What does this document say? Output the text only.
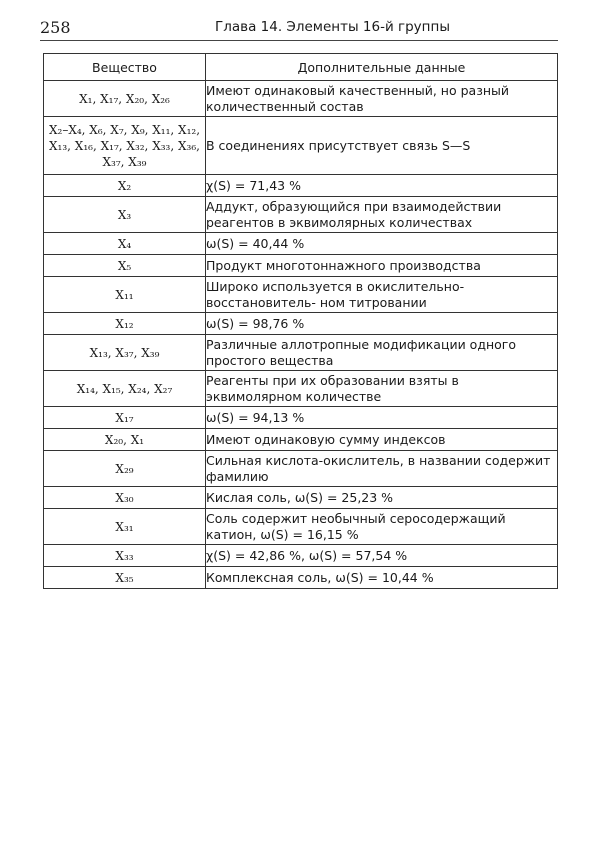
258	Глава 14. Элементы 16-й группы
Вещество	Дополнительные данные
X₁, X₁₇, X₂₀, X₂₆	Имеют одинаковый качественный, но разный количественный состав
X₂–X₄, X₆, X₇, X₉, X₁₁, X₁₂, X₁₃, X₁₆, X₁₇, X₃₂, X₃₃, X₃₆, X₃₇, X₃₉	В соединениях присутствует связь S—S
X₂	χ(S) = 71,43 %
X₃	Аддукт, образующийся при взаимодействии реагентов в эквимолярных количествах
X₄	ω(S) = 40,44 %
X₅	Продукт многотоннажного производства
X₁₁	Широко используется в окислительно-восстановитель- ном титровании
X₁₂	ω(S) = 98,76 %
X₁₃, X₃₇, X₃₉	Различные аллотропные модификации одного простого вещества
X₁₄, X₁₅, X₂₄, X₂₇	Реагенты при их образовании взяты в эквимолярном количестве
X₁₇	ω(S) = 94,13 %
X₂₀, X₁	Имеют одинаковую сумму индексов
X₂₉	Сильная кислота-окислитель, в названии содержит фамилию
X₃₀	Кислая соль, ω(S) = 25,23 %
X₃₁	Соль содержит необычный серосодержащий катион, ω(S) = 16,15 %
X₃₃	χ(S) = 42,86 %, ω(S) = 57,54 %
X₃₅	Комплексная соль, ω(S) = 10,44 %
